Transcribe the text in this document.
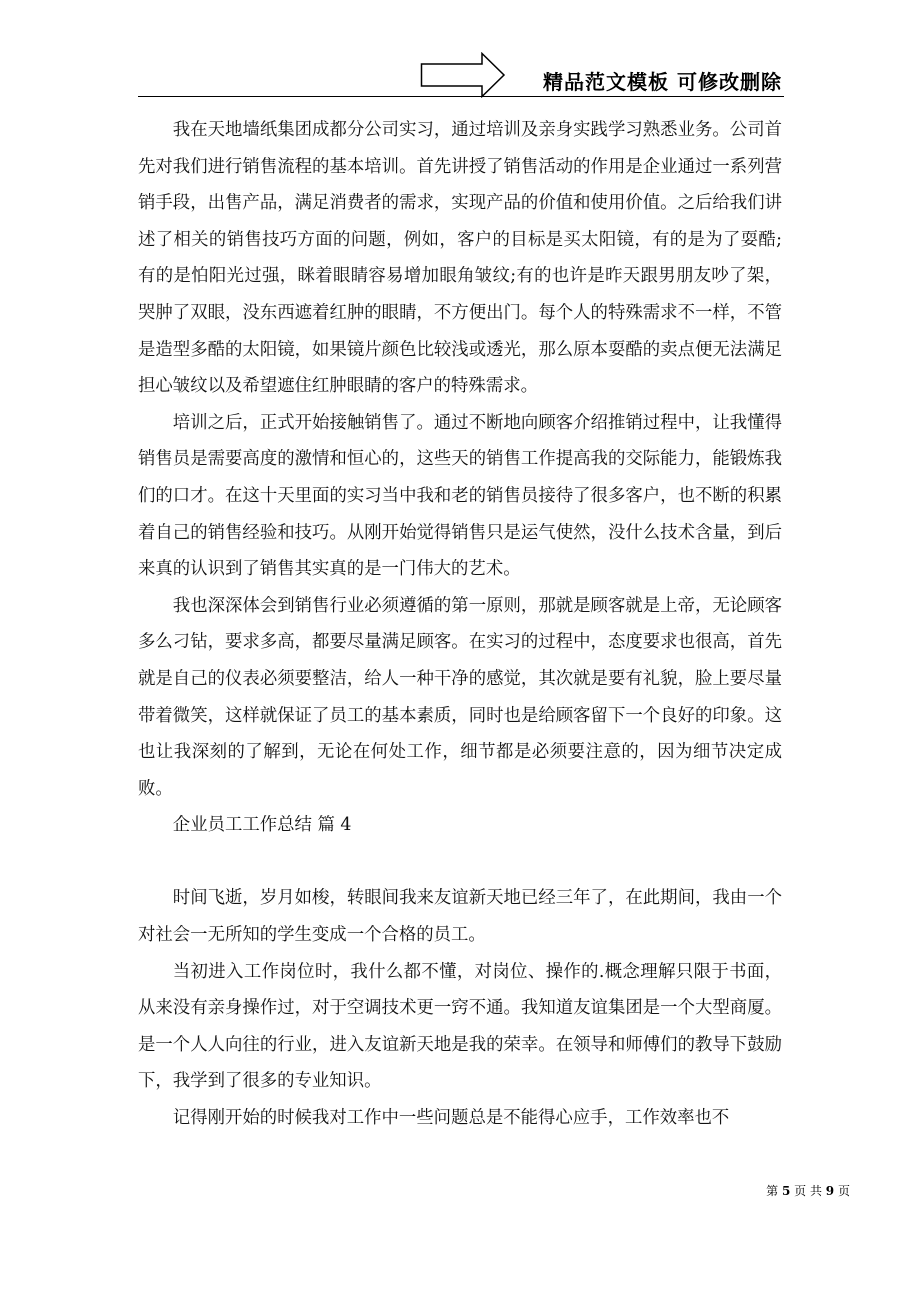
精品范文模板 可修改删除

我在天地墙纸集团成都分公司实习，通过培训及亲身实践学习熟悉业务。公司首先对我们进行销售流程的基本培训。首先讲授了销售活动的作用是企业通过一系列营销手段，出售产品，满足消费者的需求，实现产品的价值和使用价值。之后给我们讲述了相关的销售技巧方面的问题，例如，客户的目标是买太阳镜，有的是为了耍酷;有的是怕阳光过强，眯着眼睛容易增加眼角皱纹;有的也许是昨天跟男朋友吵了架，哭肿了双眼，没东西遮着红肿的眼睛，不方便出门。每个人的特殊需求不一样，不管是造型多酷的太阳镜，如果镜片颜色比较浅或透光，那么原本耍酷的卖点便无法满足担心皱纹以及希望遮住红肿眼睛的客户的特殊需求。

培训之后，正式开始接触销售了。通过不断地向顾客介绍推销过程中，让我懂得销售员是需要高度的激情和恒心的，这些天的销售工作提高我的交际能力，能锻炼我们的口才。在这十天里面的实习当中我和老的销售员接待了很多客户，也不断的积累着自己的销售经验和技巧。从刚开始觉得销售只是运气使然，没什么技术含量，到后来真的认识到了销售其实真的是一门伟大的艺术。

我也深深体会到销售行业必须遵循的第一原则，那就是顾客就是上帝，无论顾客多么刁钻，要求多高，都要尽量满足顾客。在实习的过程中，态度要求也很高，首先就是自己的仪表必须要整洁，给人一种干净的感觉，其次就是要有礼貌，脸上要尽量带着微笑，这样就保证了员工的基本素质，同时也是给顾客留下一个良好的印象。这也让我深刻的了解到，无论在何处工作，细节都是必须要注意的，因为细节决定成败。

企业员工工作总结 篇 4

时间飞逝，岁月如梭，转眼间我来友谊新天地已经三年了，在此期间，我由一个对社会一无所知的学生变成一个合格的员工。

当初进入工作岗位时，我什么都不懂，对岗位、操作的.概念理解只限于书面，从来没有亲身操作过，对于空调技术更一窍不通。我知道友谊集团是一个大型商厦。是一个人人向往的行业，进入友谊新天地是我的荣幸。在领导和师傅们的教导下鼓励下，我学到了很多的专业知识。

记得刚开始的时候我对工作中一些问题总是不能得心应手，工作效率也不

第 5 页 共 9 页
